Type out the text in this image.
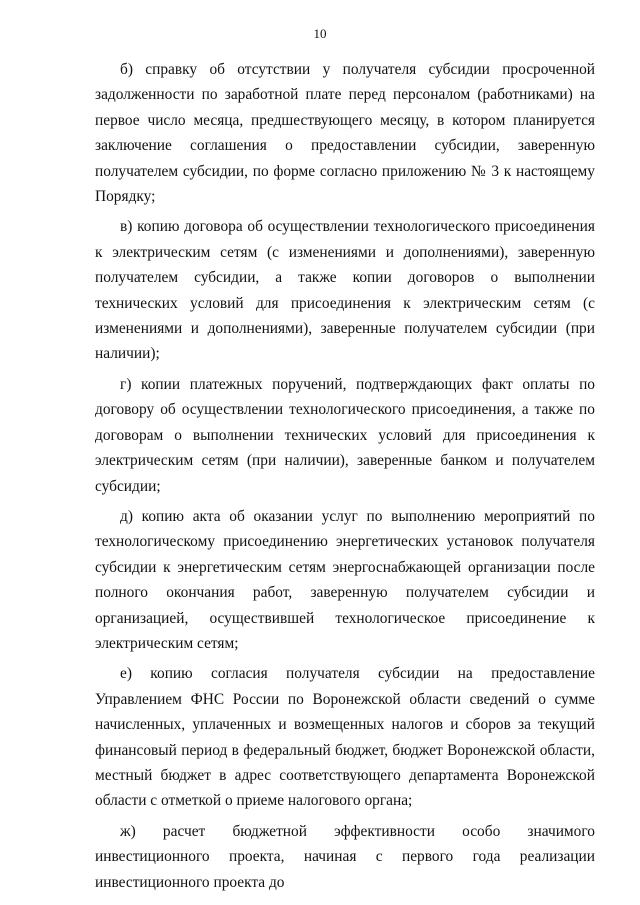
10

б) справку об отсутствии у получателя субсидии просроченной задолженности по заработной плате перед персоналом (работниками) на первое число месяца, предшествующего месяцу, в котором планируется заключение соглашения о предоставлении субсидии, заверенную получателем субсидии, по форме согласно приложению № 3 к настоящему Порядку;

в) копию договора об осуществлении технологического присоединения к электрическим сетям (с изменениями и дополнениями), заверенную получателем субсидии, а также копии договоров о выполнении технических условий для присоединения к электрическим сетям (с изменениями и дополнениями), заверенные получателем субсидии (при наличии);

г) копии платежных поручений, подтверждающих факт оплаты по договору об осуществлении технологического присоединения, а также по договорам о выполнении технических условий для присоединения к электрическим сетям (при наличии), заверенные банком и получателем субсидии;

д) копию акта об оказании услуг по выполнению мероприятий по технологическому присоединению энергетических установок получателя субсидии к энергетическим сетям энергоснабжающей организации после полного окончания работ, заверенную получателем субсидии и организацией, осуществившей технологическое присоединение к электрическим сетям;

е) копию согласия получателя субсидии на предоставление Управлением ФНС России по Воронежской области сведений о сумме начисленных, уплаченных и возмещенных налогов и сборов за текущий финансовый период в федеральный бюджет, бюджет Воронежской области, местный бюджет в адрес соответствующего департамента Воронежской области с отметкой о приеме налогового органа;

ж) расчет бюджетной эффективности особо значимого инвестиционного проекта, начиная с первого года реализации инвестиционного проекта до
